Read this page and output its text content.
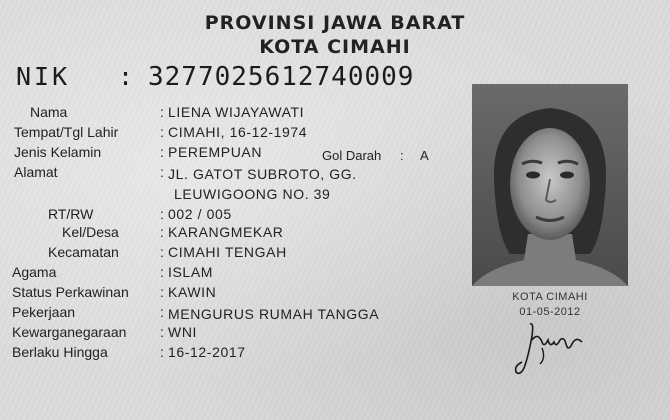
PROVINSI JAWA BARAT
KOTA CIMAHI
NIK : 3277025612740009
Nama	: LIENA WIJAYAWATI
Tempat/Tgl Lahir	: CIMAHI, 16-12-1974
Jenis Kelamin	: PEREMPUAN	Gol Darah : A
Alamat	: JL. GATOT SUBROTO, GG.
LEUWIGOONG NO. 39
RT/RW	: 002 / 005
Kel/Desa	: KARANGMEKAR
Kecamatan	: CIMAHI TENGAH
Agama	: ISLAM
Status Perkawinan : KAWIN
Pekerjaan	: MENGURUS RUMAH TANGGA
Kewarganegaraan : WNI
Berlaku Hingga	: 16-12-2017
KOTA CIMAHI
01-05-2012
